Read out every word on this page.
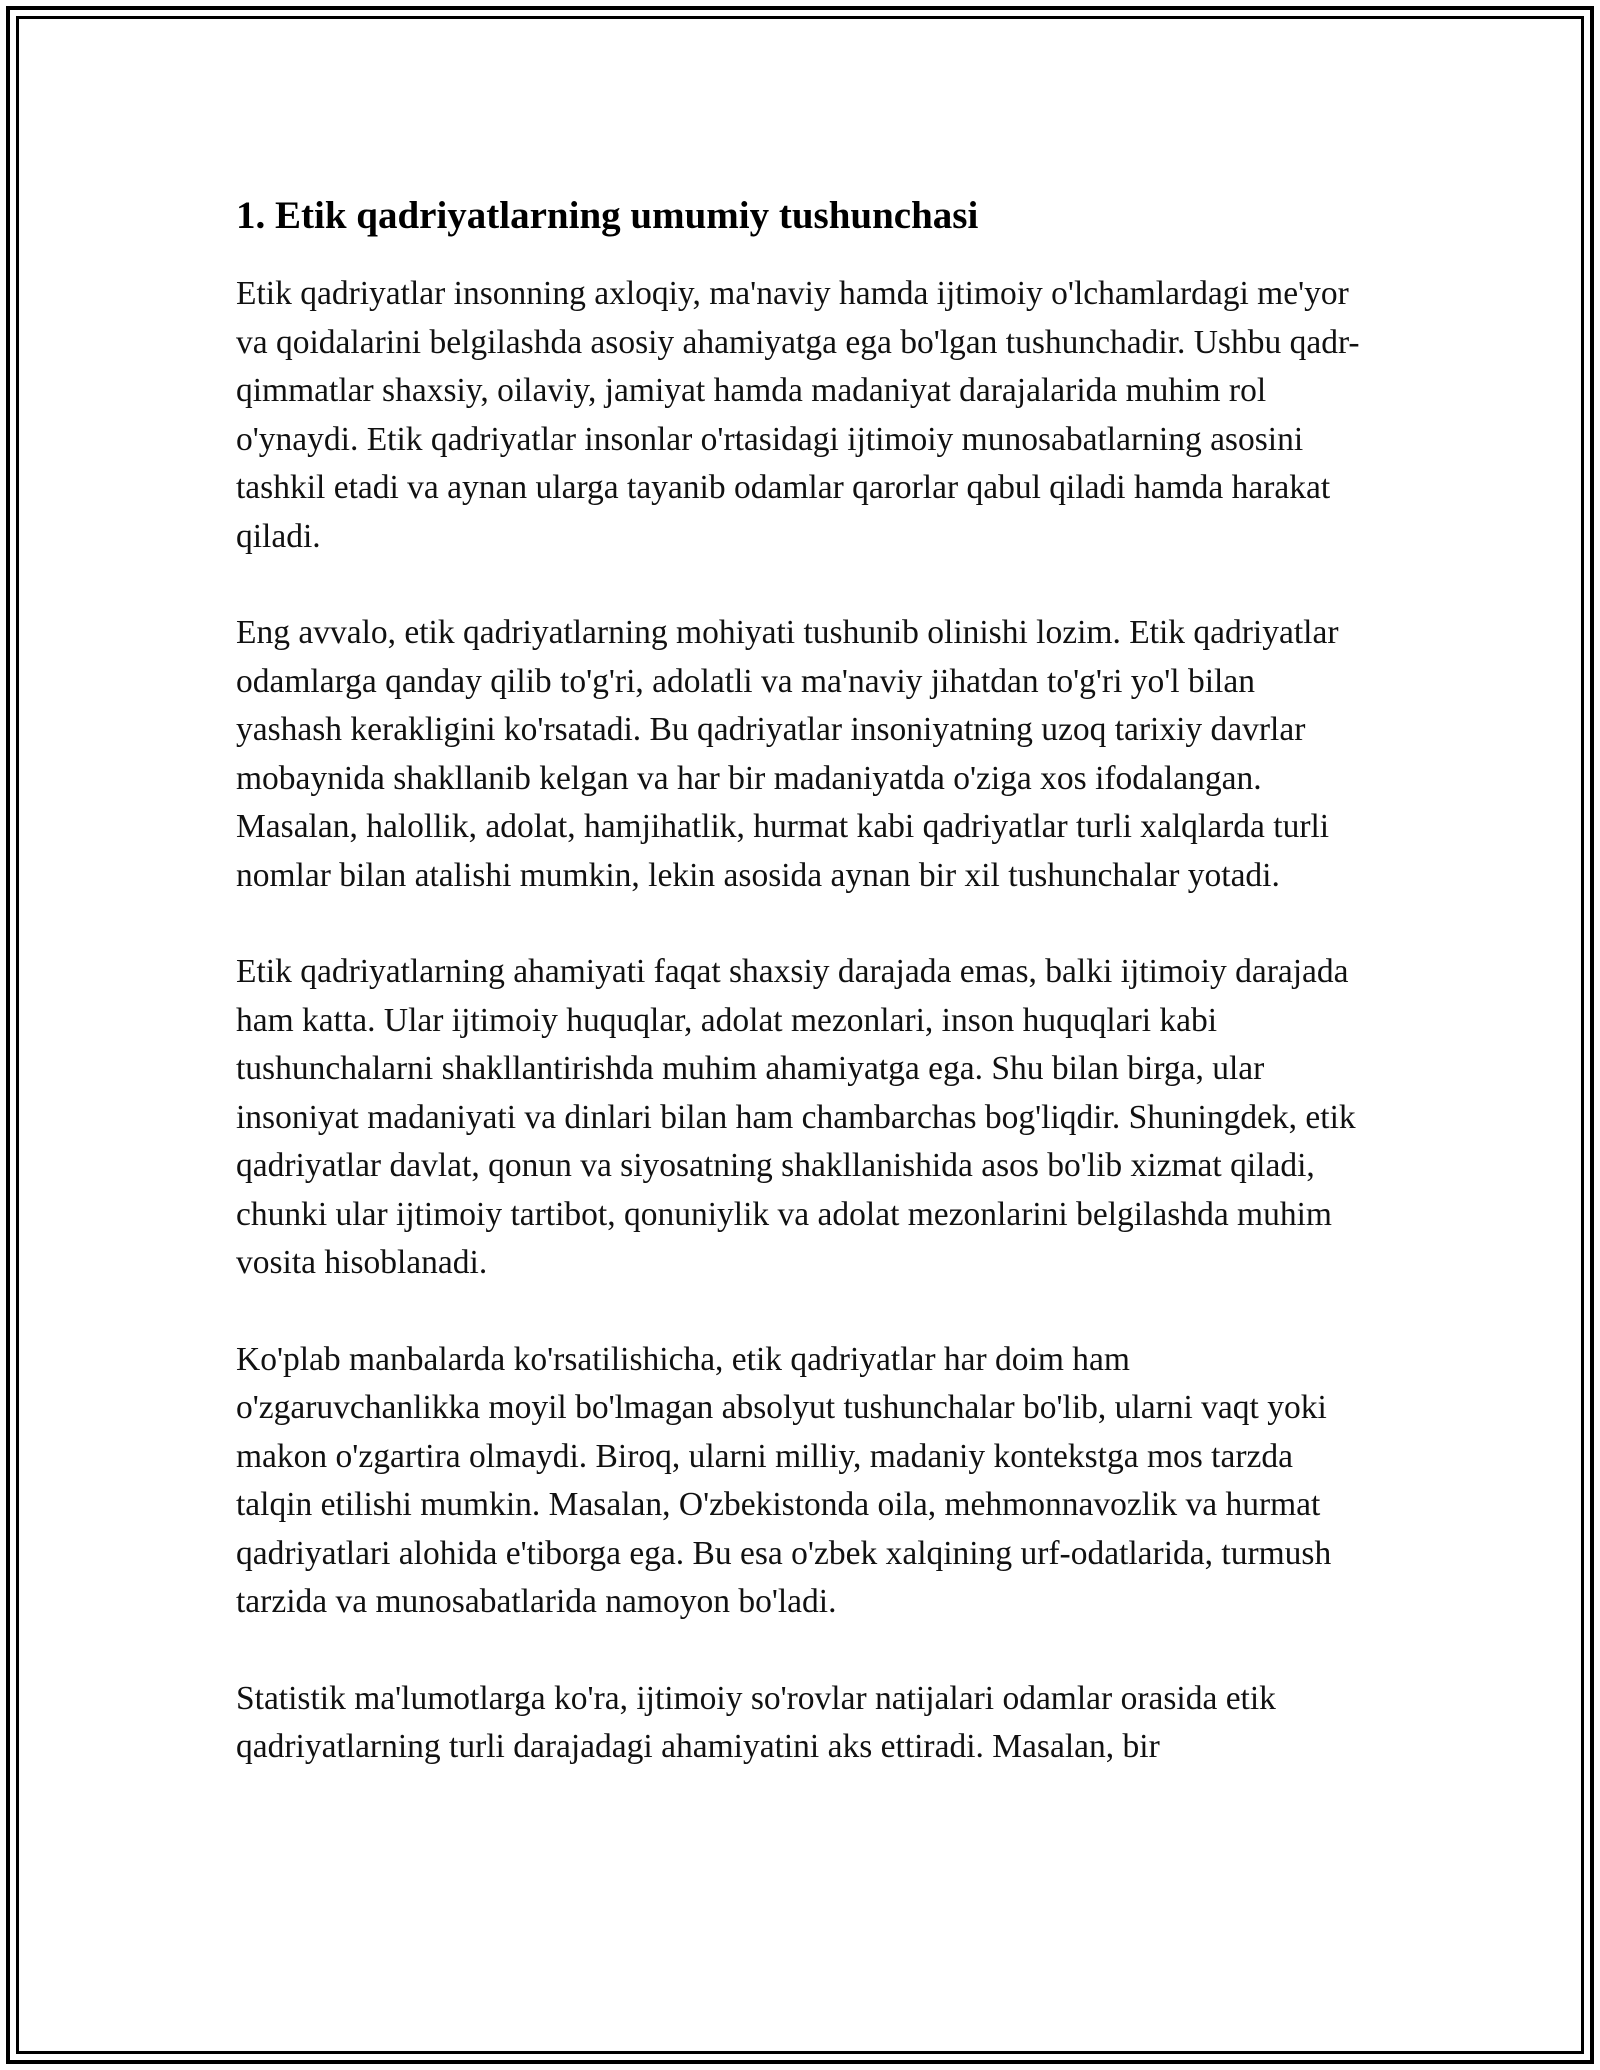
1. Etik qadriyatlarning umumiy tushunchasi

Etik qadriyatlar insonning axloqiy, ma'naviy hamda ijtimoiy o'lchamlardagi me'yor va qoidalarini belgilashda asosiy ahamiyatga ega bo'lgan tushunchadir. Ushbu qadr-qimmatlar shaxsiy, oilaviy, jamiyat hamda madaniyat darajalarida muhim rol o'ynaydi. Etik qadriyatlar insonlar o'rtasidagi ijtimoiy munosabatlarning asosini tashkil etadi va aynan ularga tayanib odamlar qarorlar qabul qiladi hamda harakat qiladi.

Eng avvalo, etik qadriyatlarning mohiyati tushunib olinishi lozim. Etik qadriyatlar odamlarga qanday qilib to'g'ri, adolatli va ma'naviy jihatdan to'g'ri yo'l bilan yashash kerakligini ko'rsatadi. Bu qadriyatlar insoniyatning uzoq tarixiy davrlar mobaynida shakllanib kelgan va har bir madaniyatda o'ziga xos ifodalangan. Masalan, halollik, adolat, hamjihatlik, hurmat kabi qadriyatlar turli xalqlarda turli nomlar bilan atalishi mumkin, lekin asosida aynan bir xil tushunchalar yotadi.

Etik qadriyatlarning ahamiyati faqat shaxsiy darajada emas, balki ijtimoiy darajada ham katta. Ular ijtimoiy huquqlar, adolat mezonlari, inson huquqlari kabi tushunchalarni shakllantirishda muhim ahamiyatga ega. Shu bilan birga, ular insoniyat madaniyati va dinlari bilan ham chambarchas bog'liqdir. Shuningdek, etik qadriyatlar davlat, qonun va siyosatning shakllanishida asos bo'lib xizmat qiladi, chunki ular ijtimoiy tartibot, qonuniylik va adolat mezonlarini belgilashda muhim vosita hisoblanadi.

Ko'plab manbalarda ko'rsatilishicha, etik qadriyatlar har doim ham o'zgaruvchanlikka moyil bo'lmagan absolyut tushunchalar bo'lib, ularni vaqt yoki makon o'zgartira olmaydi. Biroq, ularni milliy, madaniy kontekstga mos tarzda talqin etilishi mumkin. Masalan, O'zbekistonda oila, mehmonnavozlik va hurmat qadriyatlari alohida e'tiborga ega. Bu esa o'zbek xalqining urf-odatlarida, turmush tarzida va munosabatlarida namoyon bo'ladi.

Statistik ma'lumotlarga ko'ra, ijtimoiy so'rovlar natijalari odamlar orasida etik qadriyatlarning turli darajadagi ahamiyatini aks ettiradi. Masalan, bir
